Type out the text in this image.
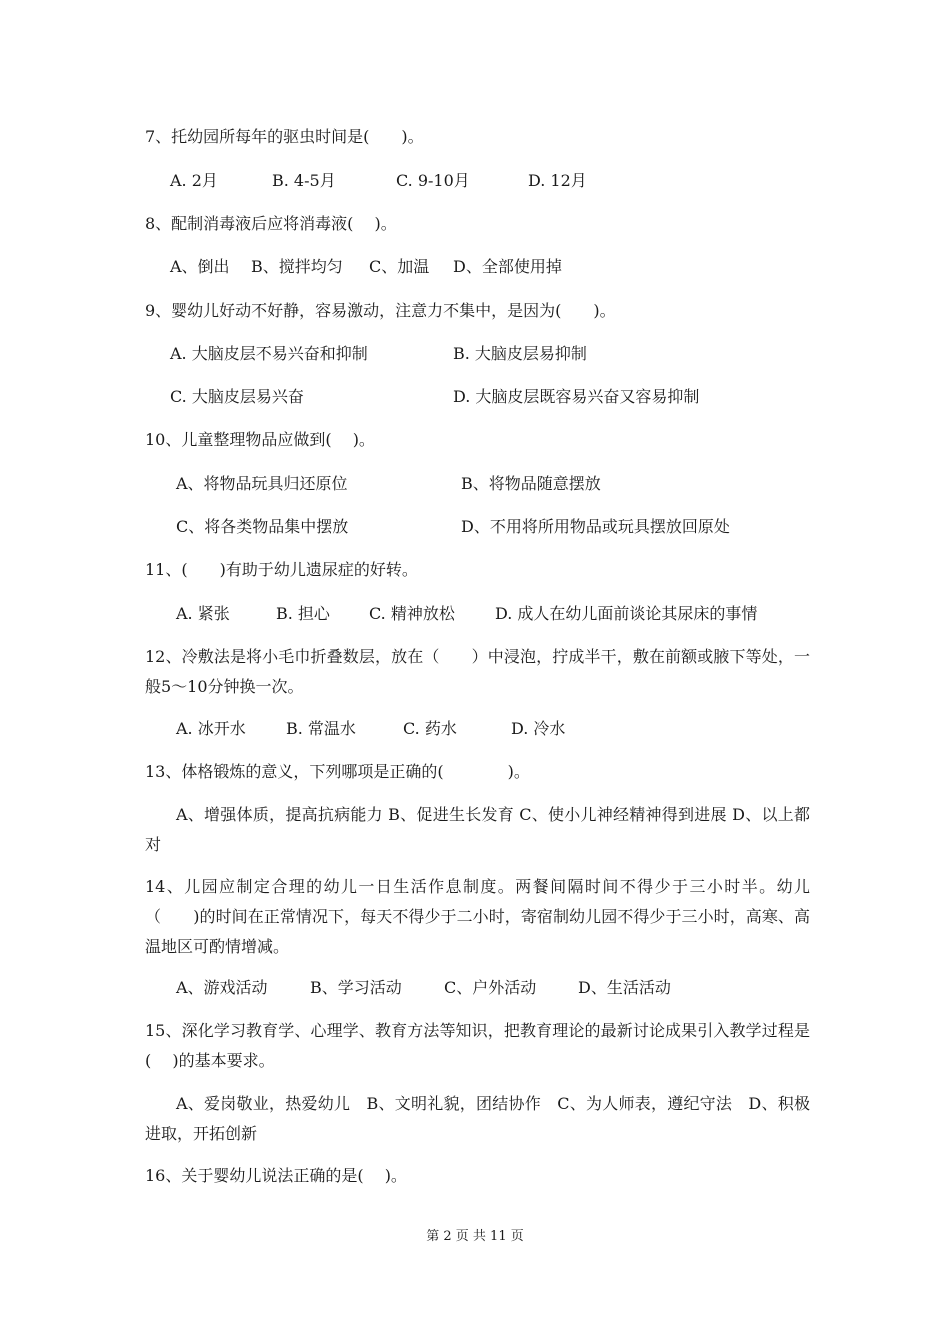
7、托幼园所每年的驱虫时间是(　　)。

A. 2月	B. 4-5月	C. 9-10月	D. 12月

8、配制消毒液后应将消毒液(　 )。

A、倒出 B、搅拌均匀 C、加温 D、全部使用掉

9、婴幼儿好动不好静，容易激动，注意力不集中，是因为(　　)。

A. 大脑皮层不易兴奋和抑制	B. 大脑皮层易抑制

C. 大脑皮层易兴奋	D. 大脑皮层既容易兴奋又容易抑制

10、儿童整理物品应做到(　 )。

A、将物品玩具归还原位	B、将物品随意摆放

C、将各类物品集中摆放	D、不用将所用物品或玩具摆放回原处

11、(　　)有助于幼儿遗尿症的好转。

A. 紧张	B. 担心 C. 精神放松	D. 成人在幼儿面前谈论其尿床的事情

12、冷敷法是将小毛巾折叠数层，放在（　　）中浸泡，拧成半干，敷在前额或腋下等处，一般5～10分钟换一次。

A. 冰开水	B. 常温水	C. 药水	D. 冷水

13、体格锻炼的意义，下列哪项是正确的(　　　　)。

A、增强体质，提高抗病能力 B、促进生长发育 C、使小儿神经精神得到进展 D、以上都对

14、儿园应制定合理的幼儿一日生活作息制度。两餐间隔时间不得少于三小时半。幼儿（　　)的时间在正常情况下，每天不得少于二小时，寄宿制幼儿园不得少于三小时，高寒、高温地区可酌情增减。

A、游戏活动	B、学习活动	C、户外活动	D、生活活动

15、深化学习教育学、心理学、教育方法等知识，把教育理论的最新讨论成果引入教学过程是(　 )的基本要求。

A、爱岗敬业，热爱幼儿　B、文明礼貌，团结协作　C、为人师表，遵纪守法　D、积极进取，开拓创新

16、关于婴幼儿说法正确的是(　 )。

第 2 页 共 11 页
